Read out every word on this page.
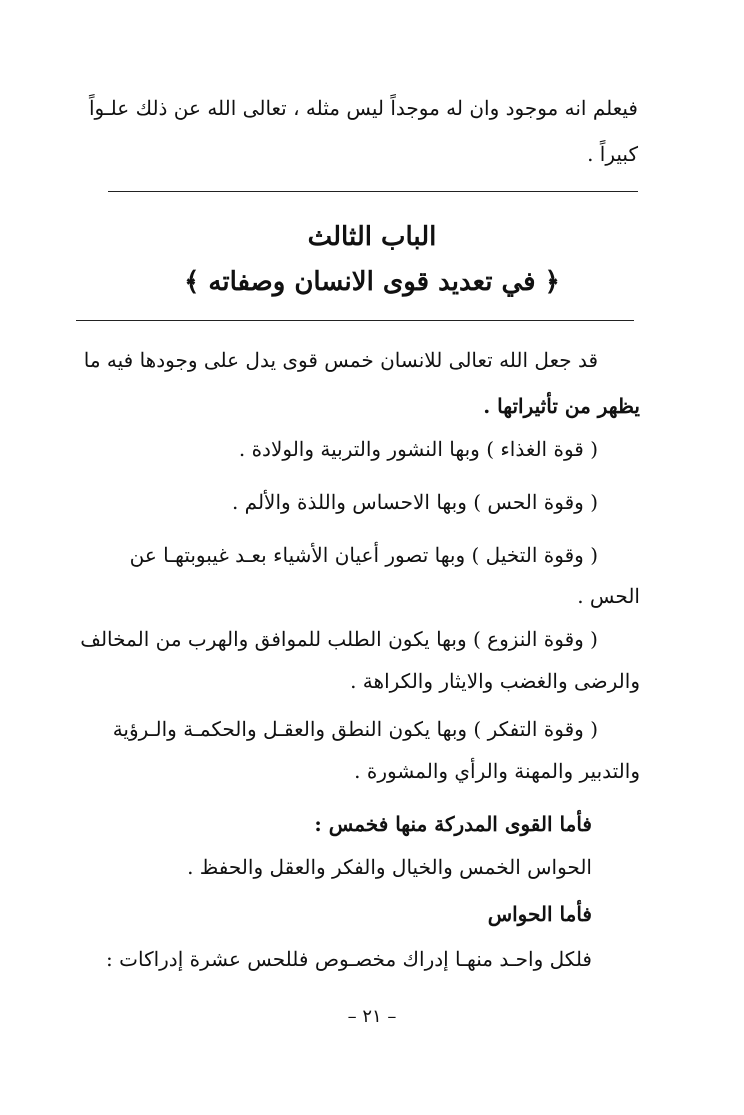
فيعلم انه موجود وان له موجداً ليس مثله ، تعالى الله عن ذلك علـواً
كبيراً .
الباب الثالث
﴿ في تعديد قوى الانسان وصفاته ﴾
قد جعل الله تعالى للانسان خمس قوى يدل على وجودها فيه ما
يظهر من تأثيراتها .
( قوة الغذاء ) وبها النشور والتربية والولادة .
( وقوة الحس ) وبها الاحساس واللذة والألم .
( وقوة التخيل ) وبها تصور أعيان الأشياء بعـد غيبوبتهـا عن
الحس .
( وقوة النزوع ) وبها يكون الطلب للموافق والهرب من المخالف
والرضى والغضب والايثار والكراهة .
( وقوة التفكر ) وبها يكون النطق والعقـل والحكمـة والـرؤية
والتدبير والمهنة والرأي والمشورة .
فأما القوى المدركة منها فخمس :
الحواس الخمس والخيال والفكر والعقل والحفظ .
فأما الحواس
فلكل واحـد منهـا إدراك مخصـوص فللحس عشرة إدراكات :
– ٢١ –
